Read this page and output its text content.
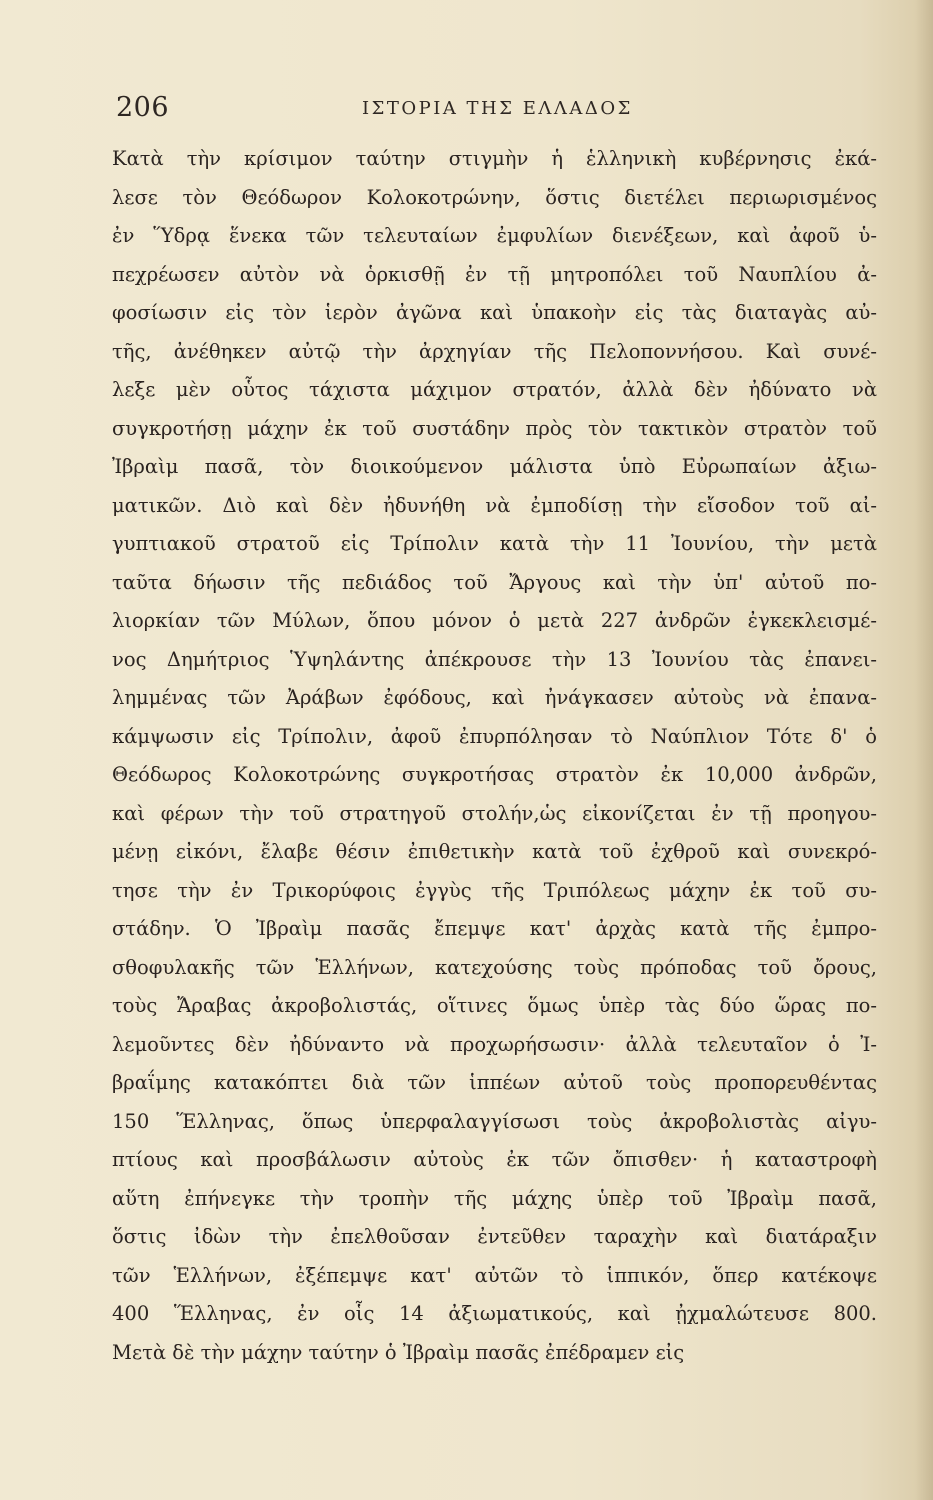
206	ΙΣΤΟΡΙΑ ΤΗΣ ΕΛΛΑΔΟΣ
Κατὰ τὴν κρίσιμον ταύτην στιγμὴν ἡ ἑλληνικὴ κυβέρνησις ἐκά-
λεσε τὸν Θεόδωρον Κολοκοτρώνην, ὅστις διετέλει περιωρισμένος
ἐν Ὕδρᾳ ἕνεκα τῶν τελευταίων ἐμφυλίων διενέξεων, καὶ ἀφοῦ ὑ-
πεχρέωσεν αὐτὸν νὰ ὁρκισθῇ ἐν τῇ μητροπόλει τοῦ Ναυπλίου ἀ-
φοσίωσιν εἰς τὸν ἱερὸν ἀγῶνα καὶ ὑπακοὴν εἰς τὰς διαταγὰς αὐ-
τῆς, ἀνέθηκεν αὐτῷ τὴν ἀρχηγίαν τῆς Πελοποννήσου. Καὶ συνέ-
λεξε μὲν οὗτος τάχιστα μάχιμον στρατόν, ἀλλὰ δὲν ἠδύνατο νὰ
συγκροτήσῃ μάχην ἐκ τοῦ συστάδην πρὸς τὸν τακτικὸν στρατὸν τοῦ
Ἰβραὶμ πασᾶ, τὸν διοικούμενον μάλιστα ὑπὸ Εὐρωπαίων ἀξιω-
ματικῶν. Διὸ καὶ δὲν ἠδυνήθη νὰ ἐμποδίσῃ τὴν εἴσοδον τοῦ αἰ-
γυπτιακοῦ στρατοῦ εἰς Τρίπολιν κατὰ τὴν 11 Ἰουνίου, τὴν μετὰ
ταῦτα δήωσιν τῆς πεδιάδος τοῦ Ἄργους καὶ τὴν ὑπ' αὐτοῦ πο-
λιορκίαν τῶν Μύλων, ὅπου μόνον ὁ μετὰ 227 ἀνδρῶν ἐγκεκλεισμέ-
νος Δημήτριος Ὑψηλάντης ἀπέκρουσε τὴν 13 Ἰουνίου τὰς ἐπανει-
λημμένας τῶν Ἀράβων ἐφόδους, καὶ ἠνάγκασεν αὐτοὺς νὰ ἐπανα-
κάμψωσιν εἰς Τρίπολιν, ἀφοῦ ἐπυρπόλησαν τὸ Ναύπλιον Τότε δ' ὁ
Θεόδωρος Κολοκοτρώνης συγκροτήσας στρατὸν ἐκ 10,000 ἀνδρῶν,
καὶ φέρων τὴν τοῦ στρατηγοῦ στολήν,ὡς εἰκονίζεται ἐν τῇ προηγου-
μένῃ εἰκόνι, ἔλαβε θέσιν ἐπιθετικὴν κατὰ τοῦ ἐχθροῦ καὶ συνεκρό-
τησε τὴν ἐν Τρικορύφοις ἐγγὺς τῆς Τριπόλεως μάχην ἐκ τοῦ συ-
στάδην. Ὁ Ἰβραὶμ πασᾶς ἔπεμψε κατ' ἀρχὰς κατὰ τῆς ἐμπρο-
σθοφυλακῆς τῶν Ἑλλήνων, κατεχούσης τοὺς πρόποδας τοῦ ὄρους,
τοὺς Ἄραβας ἀκροβολιστάς, οἵτινες ὅμως ὑπὲρ τὰς δύο ὥρας πο-
λεμοῦντες δὲν ἠδύναντο νὰ προχωρήσωσιν· ἀλλὰ τελευταῖον ὁ Ἰ-
βραΐμης κατακόπτει διὰ τῶν ἱππέων αὐτοῦ τοὺς προπορευθέντας
150 Ἕλληνας, ὅπως ὑπερφαλαγγίσωσι τοὺς ἀκροβολιστὰς αἰγυ-
πτίους καὶ προσβάλωσιν αὐτοὺς ἐκ τῶν ὄπισθεν· ἡ καταστροφὴ
αὕτη ἐπήνεγκε τὴν τροπὴν τῆς μάχης ὑπὲρ τοῦ Ἰβραὶμ πασᾶ,
ὅστις ἰδὼν τὴν ἐπελθοῦσαν ἐντεῦθεν ταραχὴν καὶ διατάραξιν
τῶν Ἑλλήνων, ἐξέπεμψε κατ' αὐτῶν τὸ ἱππικόν, ὅπερ κατέκοψε
400 Ἕλληνας, ἐν οἷς 14 ἀξιωματικούς, καὶ ᾐχμαλώτευσε 800.
Μετὰ δὲ τὴν μάχην ταύτην ὁ Ἰβραὶμ πασᾶς ἐπέδραμεν εἰς
